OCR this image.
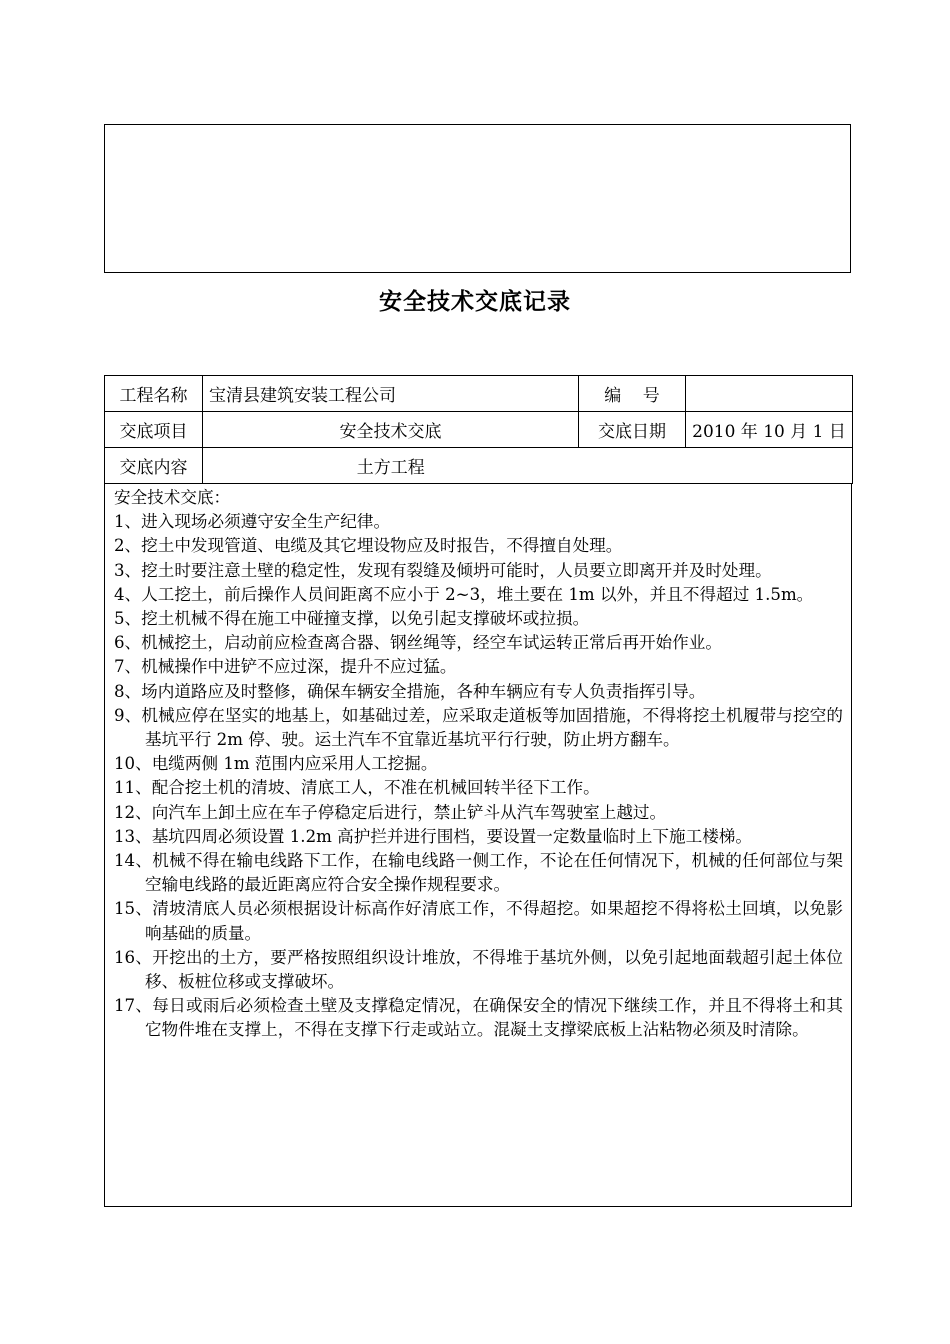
安全技术交底记录
工程名称	宝清县建筑安装工程公司	编    号	
交底项目	安全技术交底	交底日期	2010 年 10 月 1 日
交底内容	土方工程		

安全技术交底：

1、进入现场必须遵守安全生产纪律。

2、挖土中发现管道、电缆及其它埋设物应及时报告，不得擅自处理。

3、挖土时要注意土壁的稳定性，发现有裂缝及倾坍可能时，人员要立即离开并及时处理。

4、人工挖土，前后操作人员间距离不应小于 2~3，堆土要在 1m 以外，并且不得超过 1.5m。

5、挖土机械不得在施工中碰撞支撑，以免引起支撑破坏或拉损。

6、机械挖土，启动前应检查离合器、钢丝绳等，经空车试运转正常后再开始作业。

7、机械操作中进铲不应过深，提升不应过猛。

8、场内道路应及时整修，确保车辆安全措施，各种车辆应有专人负责指挥引导。

9、机械应停在坚实的地基上，如基础过差，应采取走道板等加固措施，不得将挖土机履带与挖空的基坑平行 2m 停、驶。运土汽车不宜靠近基坑平行行驶，防止坍方翻车。

10、电缆两侧 1m 范围内应采用人工挖掘。

11、配合挖土机的清坡、清底工人，不准在机械回转半径下工作。

12、向汽车上卸土应在车子停稳定后进行，禁止铲斗从汽车驾驶室上越过。

13、基坑四周必须设置 1.2m 高护拦并进行围档，要设置一定数量临时上下施工楼梯。

14、机械不得在输电线路下工作，在输电线路一侧工作，不论在任何情况下，机械的任何部位与架空输电线路的最近距离应符合安全操作规程要求。

15、清坡清底人员必须根据设计标高作好清底工作，不得超挖。如果超挖不得将松土回填，以免影响基础的质量。

16、开挖出的土方，要严格按照组织设计堆放，不得堆于基坑外侧，以免引起地面载超引起土体位移、板桩位移或支撑破坏。

17、每日或雨后必须检查土壁及支撑稳定情况，在确保安全的情况下继续工作，并且不得将土和其它物件堆在支撑上，不得在支撑下行走或站立。混凝土支撑梁底板上沾粘物必须及时清除。
